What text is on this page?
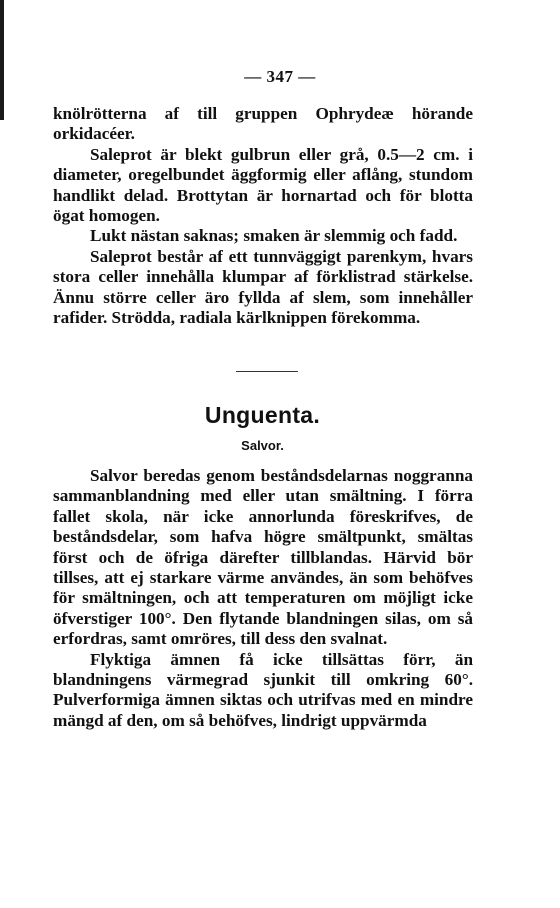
— 347 —

knölrötterna af till gruppen Ophrydeæ hörande orkidacéer.

Saleprot är blekt gulbrun eller grå, 0.5—2 cm. i diameter, oregelbundet äggformig eller aflång, stundom handlikt delad. Brottytan är hornartad och för blotta ögat homogen.

Lukt nästan saknas; smaken är slemmig och fadd.

Saleprot består af ett tunnväggigt parenkym, hvars stora celler innehålla klumpar af förklistrad stärkelse. Ännu större celler äro fyllda af slem, som innehåller rafider. Strödda, radiala kärlknippen förekomma.

Unguenta.
Salvor.

Salvor beredas genom beståndsdelarnas noggranna sammanblandning med eller utan smältning. I förra fallet skola, när icke annorlunda föreskrifves, de beståndsdelar, som hafva högre smältpunkt, smältas först och de öfriga därefter tillblandas. Härvid bör tillses, att ej starkare värme användes, än som behöfves för smältningen, och att temperaturen om möjligt icke öfverstiger 100°. Den flytande blandningen silas, om så erfordras, samt omröres, till dess den svalnat.

Flyktiga ämnen få icke tillsättas förr, än blandningens värmegrad sjunkit till omkring 60°. Pulverformiga ämnen siktas och utrifvas med en mindre mängd af den, om så behöfves, lindrigt uppvärmda
